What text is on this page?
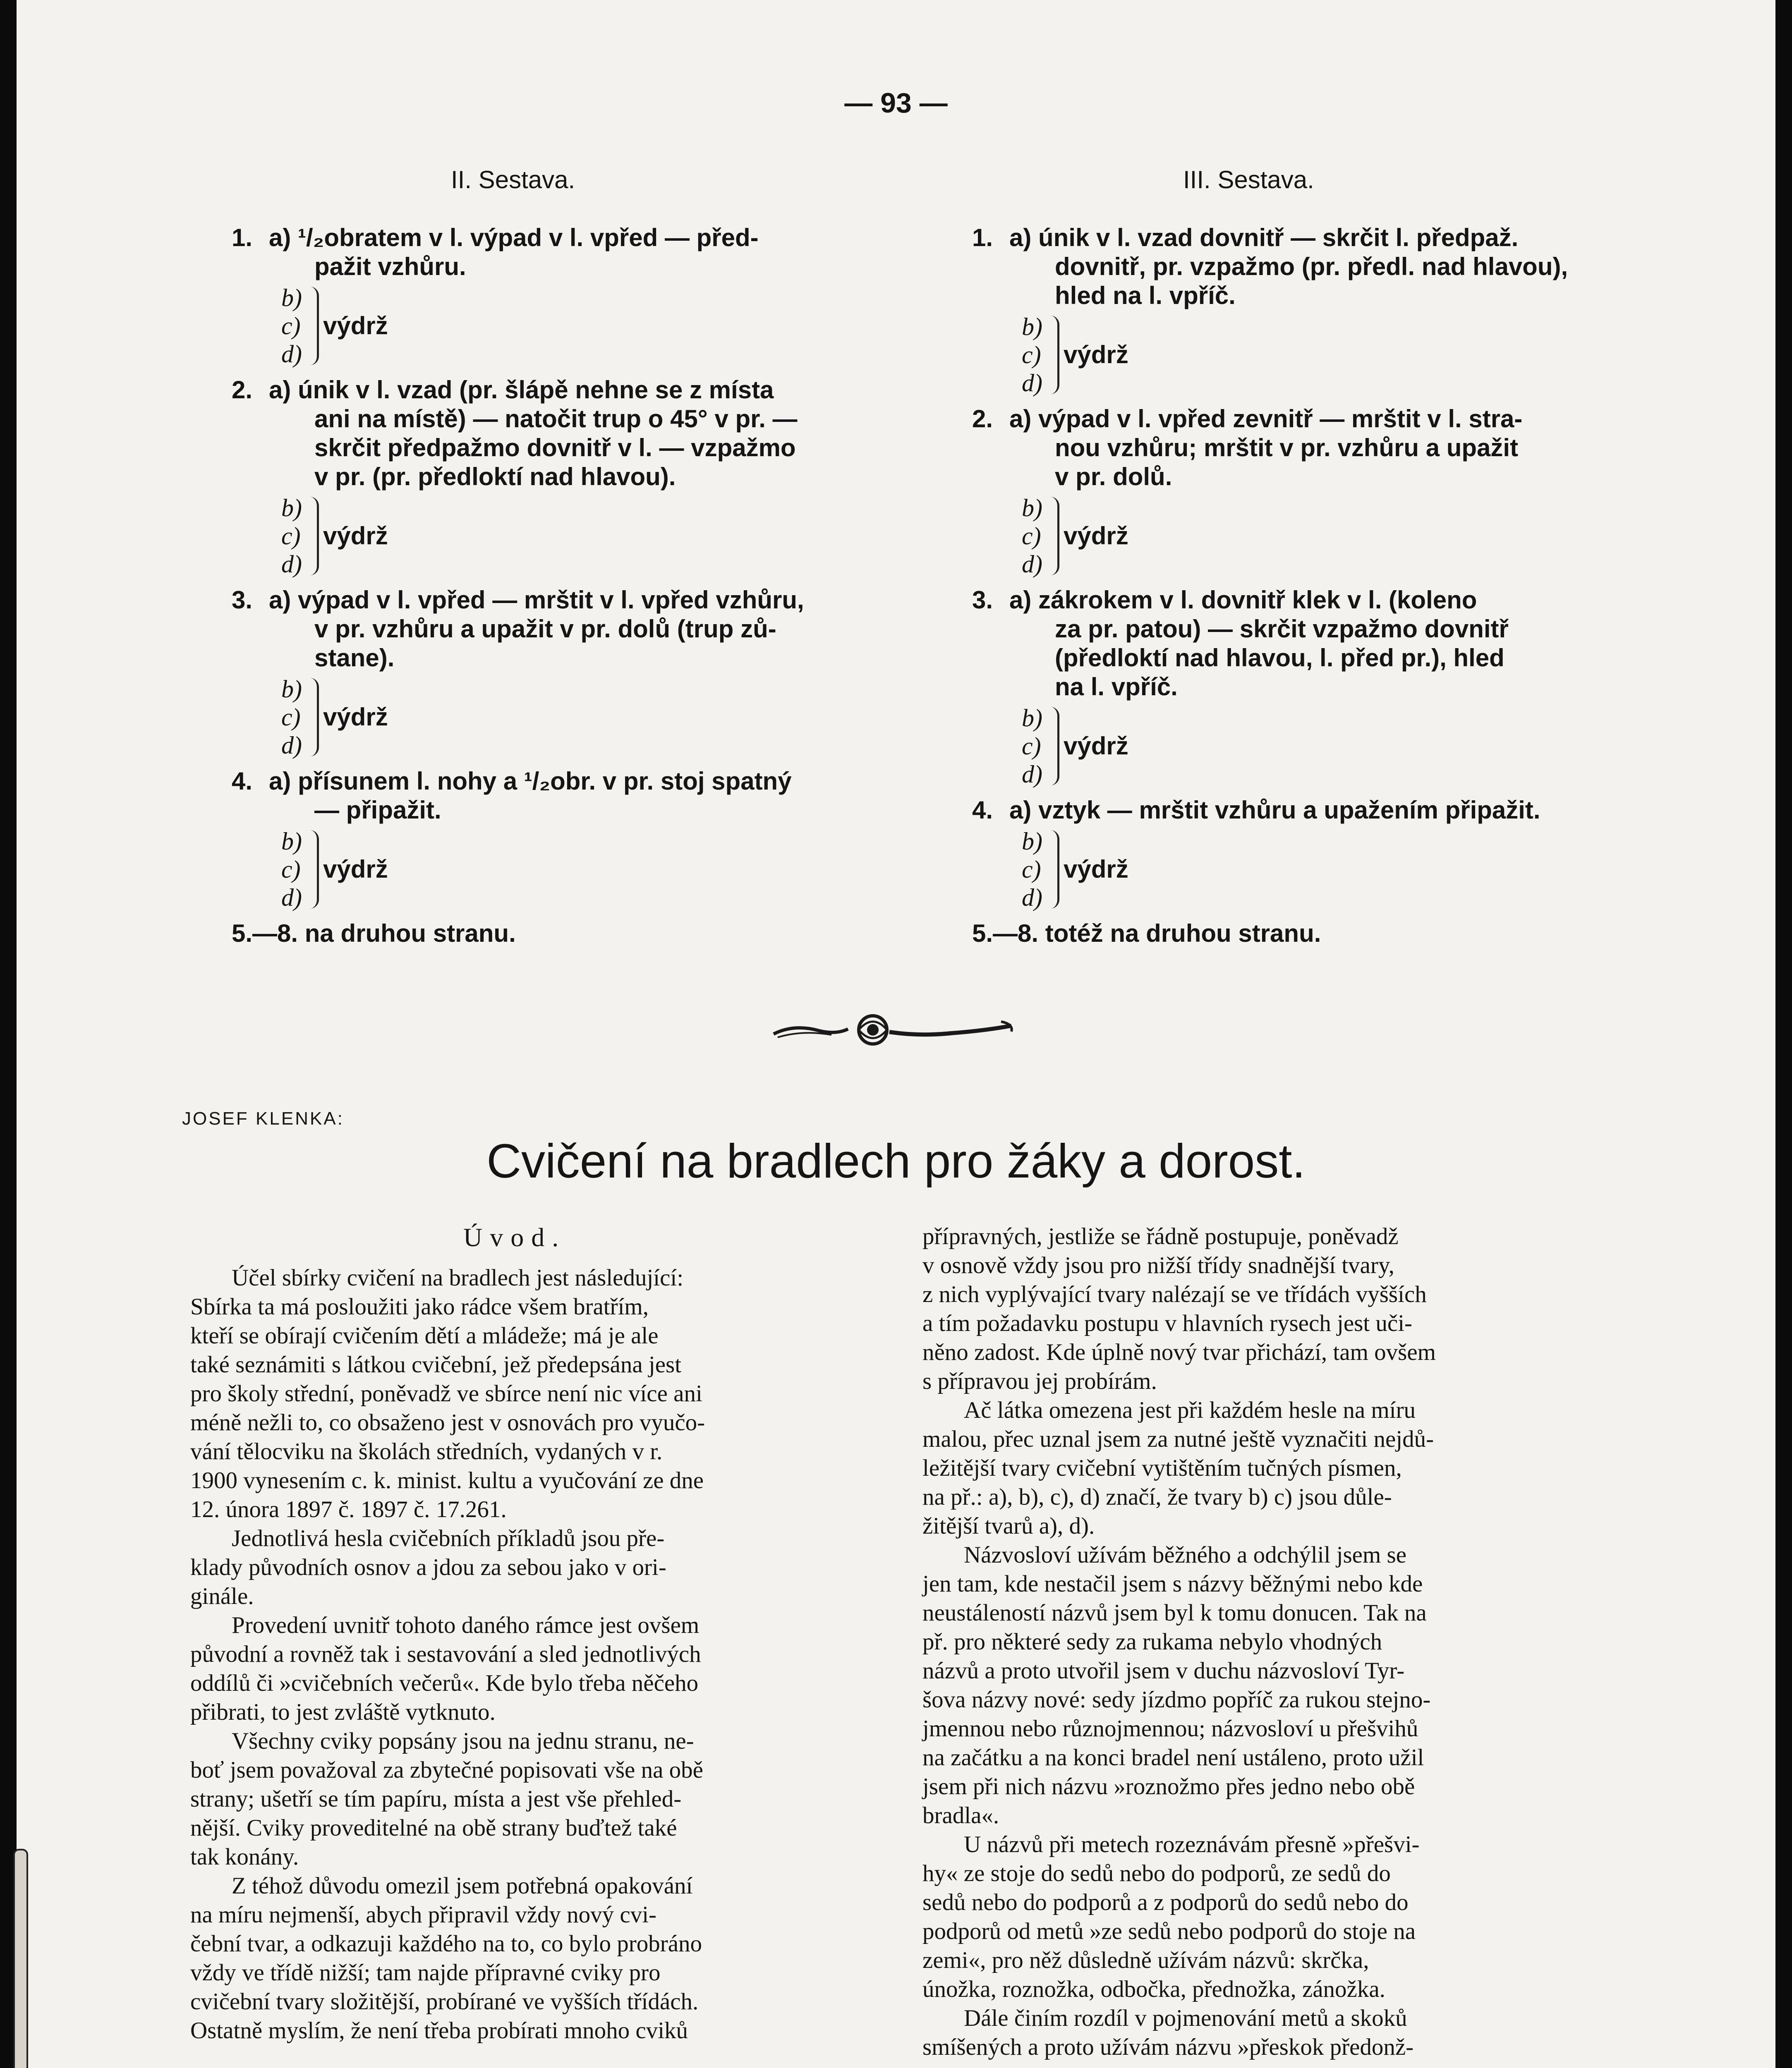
— 93 —
II. Sestava.	III. Sestava.
1. a) ¹/₂obratem v l. výpad v l. vpřed — před-
pažit vzhůru.
b)
c)
d)
výdrž
2. a) únik v l. vzad (pr. šlápě nehne se z místa
ani na místě) — natočit trup o 45° v pr. —
skrčit předpažmo dovnitř v l. — vzpažmo
v pr. (pr. předloktí nad hlavou).
b)
c)
d)
výdrž
3. a) výpad v l. vpřed — mrštit v l. vpřed vzhůru,
v pr. vzhůru a upažit v pr. dolů (trup zů-
stane).
b)
c)
d)
výdrž
4. a) přísunem l. nohy a ¹/₂obr. v pr. stoj spatný
— připažit.
b)
c)
d)
výdrž
5.—8. na druhou stranu.
1. a) únik v l. vzad dovnitř — skrčit l. předpaž.
dovnitř, pr. vzpažmo (pr. předl. nad hlavou),
hled na l. vpříč.
b)
c)
d)
výdrž
2. a) výpad v l. vpřed zevnitř — mrštit v l. stra-
nou vzhůru; mrštit v pr. vzhůru a upažit
v pr. dolů.
b)
c)
d)
výdrž
3. a) zákrokem v l. dovnitř klek v l. (koleno
za pr. patou) — skrčit vzpažmo dovnitř
(předloktí nad hlavou, l. před pr.), hled
na l. vpříč.
b)
c)
d)
výdrž
4. a) vztyk — mrštit vzhůru a upažením připažit.
b)
c)
d)
výdrž
5.—8. totéž na druhou stranu.
JOSEF KLENKA:
Cvičení na bradlech pro žáky a dorost.
Úvod.
Účel sbírky cvičení na bradlech jest následující:
Sbírka ta má posloužiti jako rádce všem bratřím,
kteří se obírají cvičením dětí a mládeže; má je ale
také seznámiti s látkou cvičební, jež předepsána jest
pro školy střední, poněvadž ve sbírce není nic více ani
méně nežli to, co obsaženo jest v osnovách pro vyučo-
vání tělocviku na školách středních, vydaných v r.
1900 vynesením c. k. minist. kultu a vyučování ze dne
12. února 1897 č. 1897 č. 17.261.
Jednotlivá hesla cvičebních příkladů jsou pře-
klady původních osnov a jdou za sebou jako v ori-
ginále.
Provedení uvnitř tohoto daného rámce jest ovšem
původní a rovněž tak i sestavování a sled jednotlivých
oddílů či »cvičebních večerů«. Kde bylo třeba něčeho
přibrati, to jest zvláště vytknuto.
Všechny cviky popsány jsou na jednu stranu, ne-
boť jsem považoval za zbytečné popisovati vše na obě
strany; ušetří se tím papíru, místa a jest vše přehled-
nější. Cviky proveditelné na obě strany buďtež také
tak konány.
Z téhož důvodu omezil jsem potřebná opakování
na míru nejmenší, abych připravil vždy nový cvi-
čební tvar, a odkazuji každého na to, co bylo probráno
vždy ve třídě nižší; tam najde přípravné cviky pro
cvičební tvary složitější, probírané ve vyšších třídách.
Ostatně myslím, že není třeba probírati mnoho cviků
přípravných, jestliže se řádně postupuje, poněvadž
v osnově vždy jsou pro nižší třídy snadnější tvary,
z nich vyplývající tvary nalézají se ve třídách vyšších
a tím požadavku postupu v hlavních rysech jest uči-
něno zadost. Kde úplně nový tvar přichází, tam ovšem
s přípravou jej probírám.
Ač látka omezena jest při každém hesle na míru
malou, přec uznal jsem za nutné ještě vyznačiti nejdů-
ležitější tvary cvičební vytištěním tučných písmen,
na př.: a), b), c), d) značí, že tvary b) c) jsou důle-
žitější tvarů a), d).
Názvosloví užívám běžného a odchýlil jsem se
jen tam, kde nestačil jsem s názvy běžnými nebo kde
neustáleností názvů jsem byl k tomu donucen. Tak na
př. pro některé sedy za rukama nebylo vhodných
názvů a proto utvořil jsem v duchu názvosloví Tyr-
šova názvy nové: sedy jízdmo popříč za rukou stejno-
jmennou nebo různojmennou; názvosloví u přešvihů
na začátku a na konci bradel není ustáleno, proto užil
jsem při nich názvu »roznožmo přes jedno nebo obě
bradla«.
U názvů při metech rozeznávám přesně »přešvi-
hy« ze stoje do sedů nebo do podporů, ze sedů do
sedů nebo do podporů a z podporů do sedů nebo do
podporů od metů »ze sedů nebo podporů do stoje na
zemi«, pro něž důsledně užívám názvů: skrčka,
únožka, roznožka, odbočka, přednožka, zánožka.
Dále činím rozdíl v pojmenování metů a skoků
smíšených a proto užívám názvu »přeskok předonž-
